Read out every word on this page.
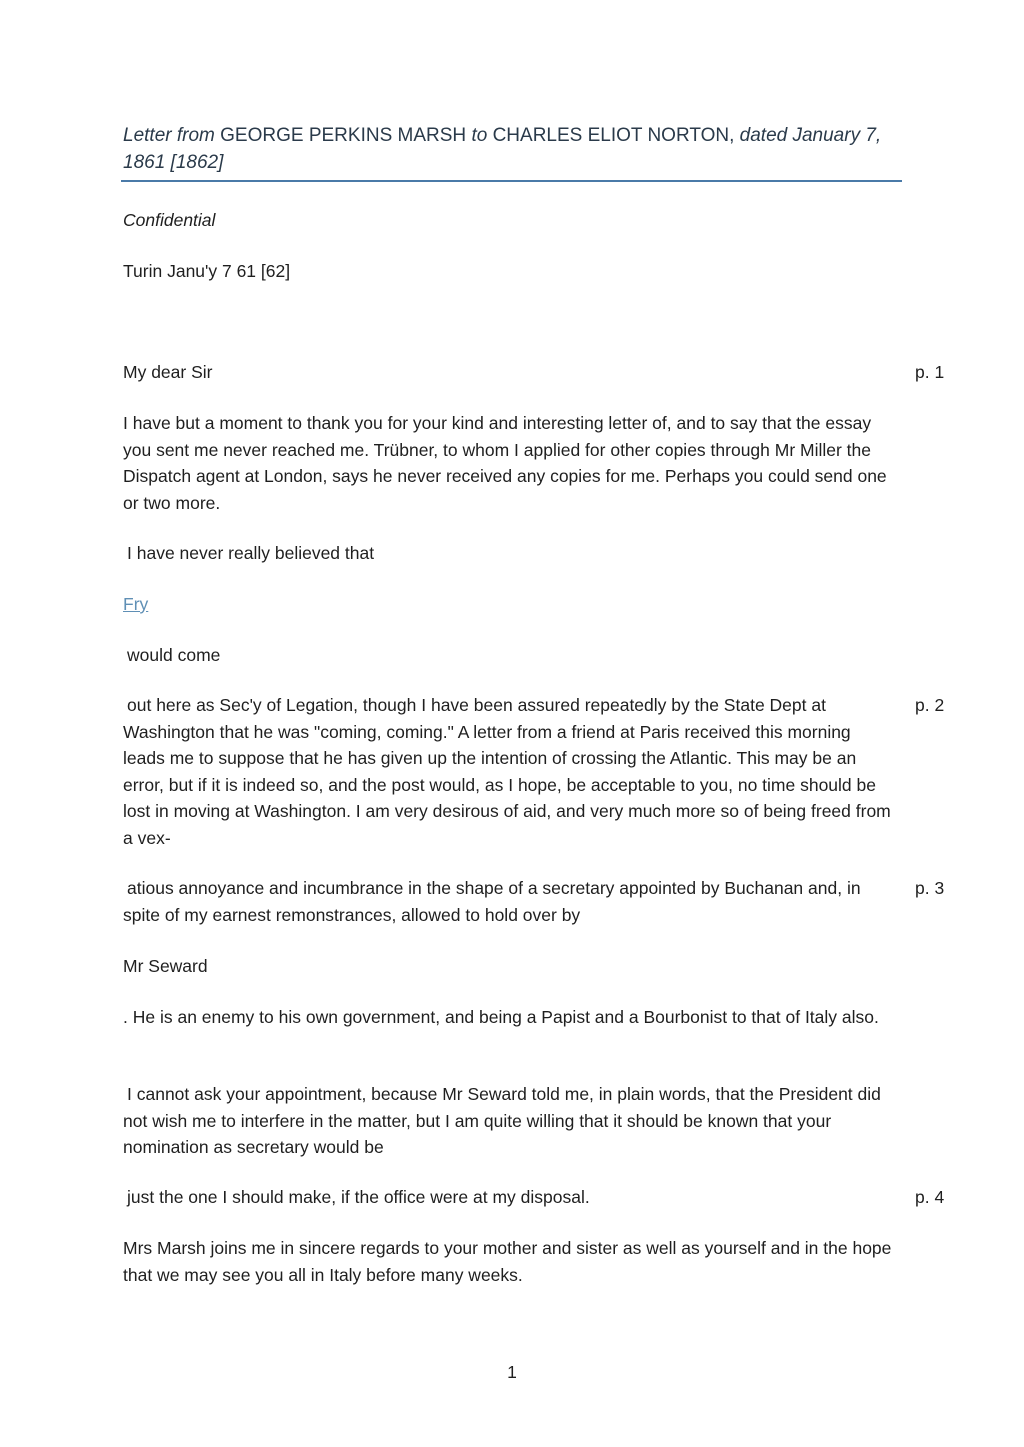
Letter from GEORGE PERKINS MARSH to CHARLES ELIOT NORTON, dated January 7,
1861 [1862]

Confidential

Turin Janu'y 7 61 [62]

My dear Sir	p. 1

I have but a moment to thank you for your kind and interesting letter of, and to say that the essay you sent me never reached me. Trübner, to whom I applied for other copies through Mr Miller the Dispatch agent at London, says he never received any copies for me. Perhaps you could send one or two more.

I have never really believed that

Fry

would come

out here as Sec'y of Legation, though I have been assured repeatedly by the State Dept at Washington that he was "coming, coming." A letter from a friend at Paris received this morning leads me to suppose that he has given up the intention of crossing the Atlantic. This may be an error, but if it is indeed so, and the post would, as I hope, be acceptable to you, no time should be lost in moving at Washington. I am very desirous of aid, and very much more so of being freed from a vex-

p. 2

atious annoyance and incumbrance in the shape of a secretary appointed by Buchanan and, in spite of my earnest remonstrances, allowed to hold over by

p. 3

Mr Seward

. He is an enemy to his own government, and being a Papist and a Bourbonist to that of Italy also.

I cannot ask your appointment, because Mr Seward told me, in plain words, that the President did not wish me to interfere in the matter, but I am quite willing that it should be known that your nomination as secretary would be

just the one I should make, if the office were at my disposal.	p. 4

Mrs Marsh joins me in sincere regards to your mother and sister as well as yourself and in the hope that we may see you all in Italy before many weeks.

1
